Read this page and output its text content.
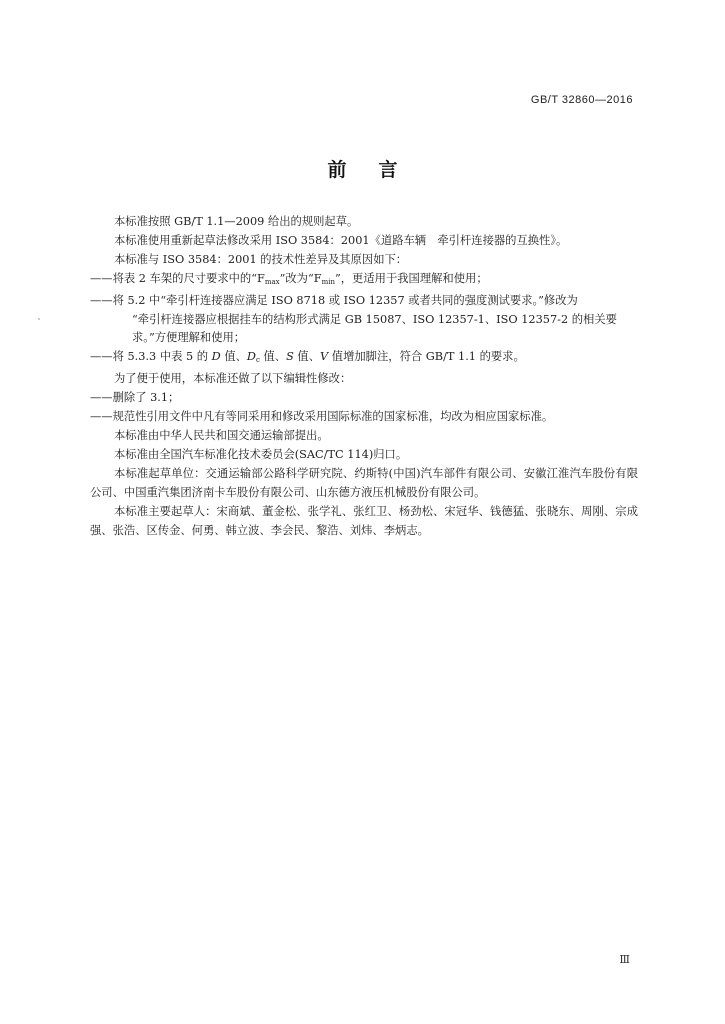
GB/T 32860—2016
前言

本标准按照 GB/T 1.1—2009 给出的规则起草。

本标准使用重新起草法修改采用 ISO 3584：2001《道路车辆　牵引杆连接器的互换性》。

本标准与 ISO 3584：2001 的技术性差异及其原因如下：

——将表 2 车架的尺寸要求中的“$F_{max}$”改为“$F_{min}$”，更适用于我国理解和使用；

——将 5.2 中“牵引杆连接器应满足 ISO 8718 或 ISO 12357 或者共同的强度测试要求。”修改为

“牵引杆连接器应根据挂车的结构形式满足 GB 15087、ISO 12357-1、ISO 12357-2 的相关要

求。”方便理解和使用；

——将 5.3.3 中表 5 的 D 值、$D_c$ 值、S 值、V 值增加脚注，符合 GB/T 1.1 的要求。

为了便于使用，本标准还做了以下编辑性修改：

——删除了 3.1；

——规范性引用文件中凡有等同采用和修改采用国际标准的国家标准，均改为相应国家标准。

本标准由中华人民共和国交通运输部提出。

本标准由全国汽车标准化技术委员会(SAC/TC 114)归口。

本标准起草单位：交通运输部公路科学研究院、约斯特(中国)汽车部件有限公司、安徽江淮汽车股份有限公司、中国重汽集团济南卡车股份有限公司、山东德方液压机械股份有限公司。

本标准主要起草人：宋商斌、董金松、张学礼、张红卫、杨劲松、宋冠华、钱德猛、张晓东、周刚、宗成强、张浩、区传金、何勇、韩立波、李会民、黎浩、刘炜、李炳志。

Ⅲ
